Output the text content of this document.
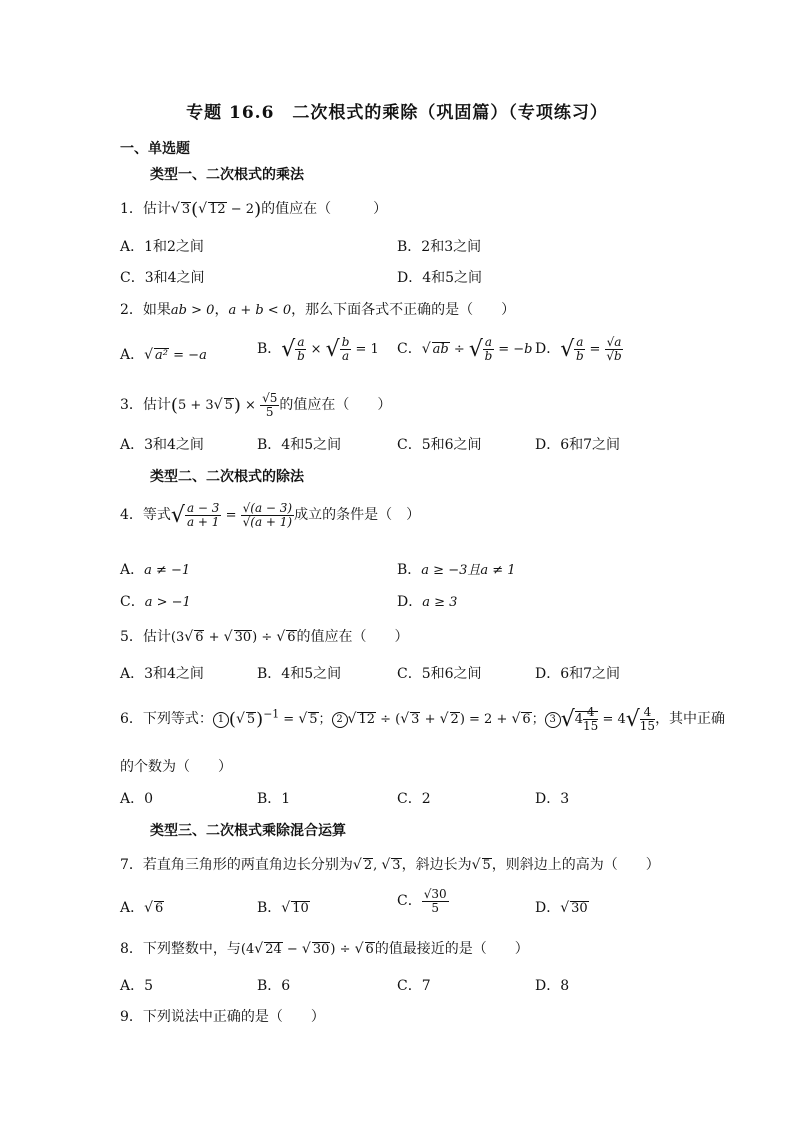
专题 16.6　二次根式的乘除（巩固篇）（专项练习）
一、单选题
类型一、二次根式的乘法
1．估计√ 3(√ 12 − 2)的值应在（　　　）
A．1和2之间	B．2和3之间
C．3和4之间	D．4和5之间
2．如果ab > 0，a + b < 0，那么下面各式不正确的是（　　）
A．√ a² = −a	B．√ $\frac{a}{b}$ × √ $\frac{b}{a} = 1$ C．√ ab ÷ √ $\frac{a}{b} = -b$ D．√ $\frac{a}{b} = \frac{√a}{√b}$
3．估计(5 + 3√ $5) \times \frac{√5}{5}$ 的值应在（　　）
A．3和4之间	B．4和5之间	C．5和6之间	D．6和7之间
类型二、二次根式的除法
4．等式√ $\frac{a - 3}{a + 1} = \frac{√(a - 3)}{√(a + 1)}$ 成立的条件是（　）
A．a ≠ −1	B．a ≥ −3且a ≠ 1
C．a > −1	D．a ≥ 3
5．估计(3√ 6 + √ 30) ÷ √ 6的值应在（　　）
A．3和4之间	B．4和5之间	C．5和6之间	D．6和7之间
6．下列等式： 1 (√ 5)$^{-1}$ = √ 5； 2 √ 12 ÷ (√ 3 + √ 2) = 2 + √ 6； 3 $√4 \frac{4}{15} = 4√ \frac{4}{15}$ ，其中正确
的个数为（　　）
A．0	B．1	C．2	D．3
类型三、二次根式乘除混合运算
7．若直角三角形的两直角边长分别为√ 2, √ 3，斜边长为√ 5，则斜边上的高为（　　）
A．√ 6	B．√ 10	C． $\frac{√30}{5}$	D．√ 30
8．下列整数中，与(4√ 24 − √ 30) ÷ √ 6的值最接近的是（　　）
A．5	B．6	C．7	D．8
9．下列说法中正确的是（　　）
